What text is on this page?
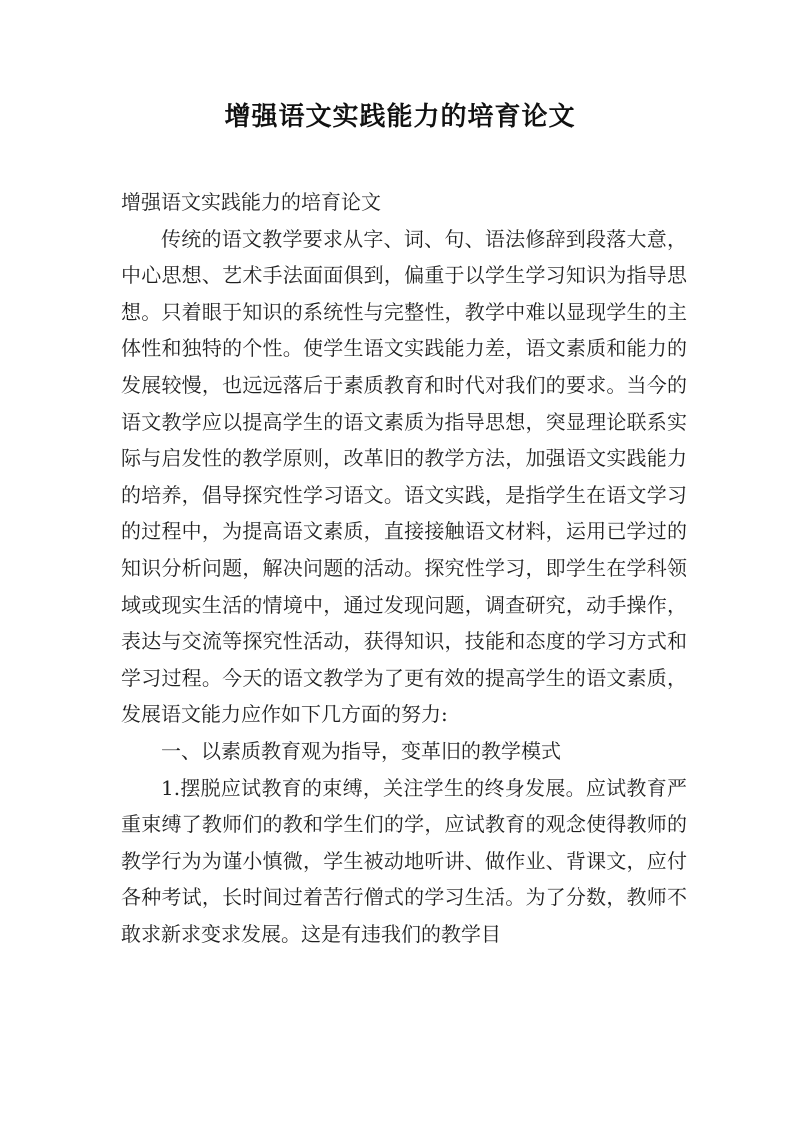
增强语文实践能力的培育论文

增强语文实践能力的培育论文

传统的语文教学要求从字、词、句、语法修辞到段落大意，中心思想、艺术手法面面俱到，偏重于以学生学习知识为指导思想。只着眼于知识的系统性与完整性，教学中难以显现学生的主体性和独特的个性。使学生语文实践能力差，语文素质和能力的发展较慢，也远远落后于素质教育和时代对我们的要求。当今的语文教学应以提高学生的语文素质为指导思想，突显理论联系实际与启发性的教学原则，改革旧的教学方法，加强语文实践能力的培养，倡导探究性学习语文。语文实践，是指学生在语文学习的过程中，为提高语文素质，直接接触语文材料，运用已学过的知识分析问题，解决问题的活动。探究性学习，即学生在学科领域或现实生活的情境中，通过发现问题，调查研究，动手操作，表达与交流等探究性活动，获得知识，技能和态度的学习方式和学习过程。今天的语文教学为了更有效的提高学生的语文素质，发展语文能力应作如下几方面的努力:

一、以素质教育观为指导，变革旧的教学模式

1.摆脱应试教育的束缚，关注学生的终身发展。应试教育严重束缚了教师们的教和学生们的学，应试教育的观念使得教师的教学行为为谨小慎微，学生被动地听讲、做作业、背课文，应付各种考试，长时间过着苦行僧式的学习生活。为了分数，教师不敢求新求变求发展。这是有违我们的教学目
